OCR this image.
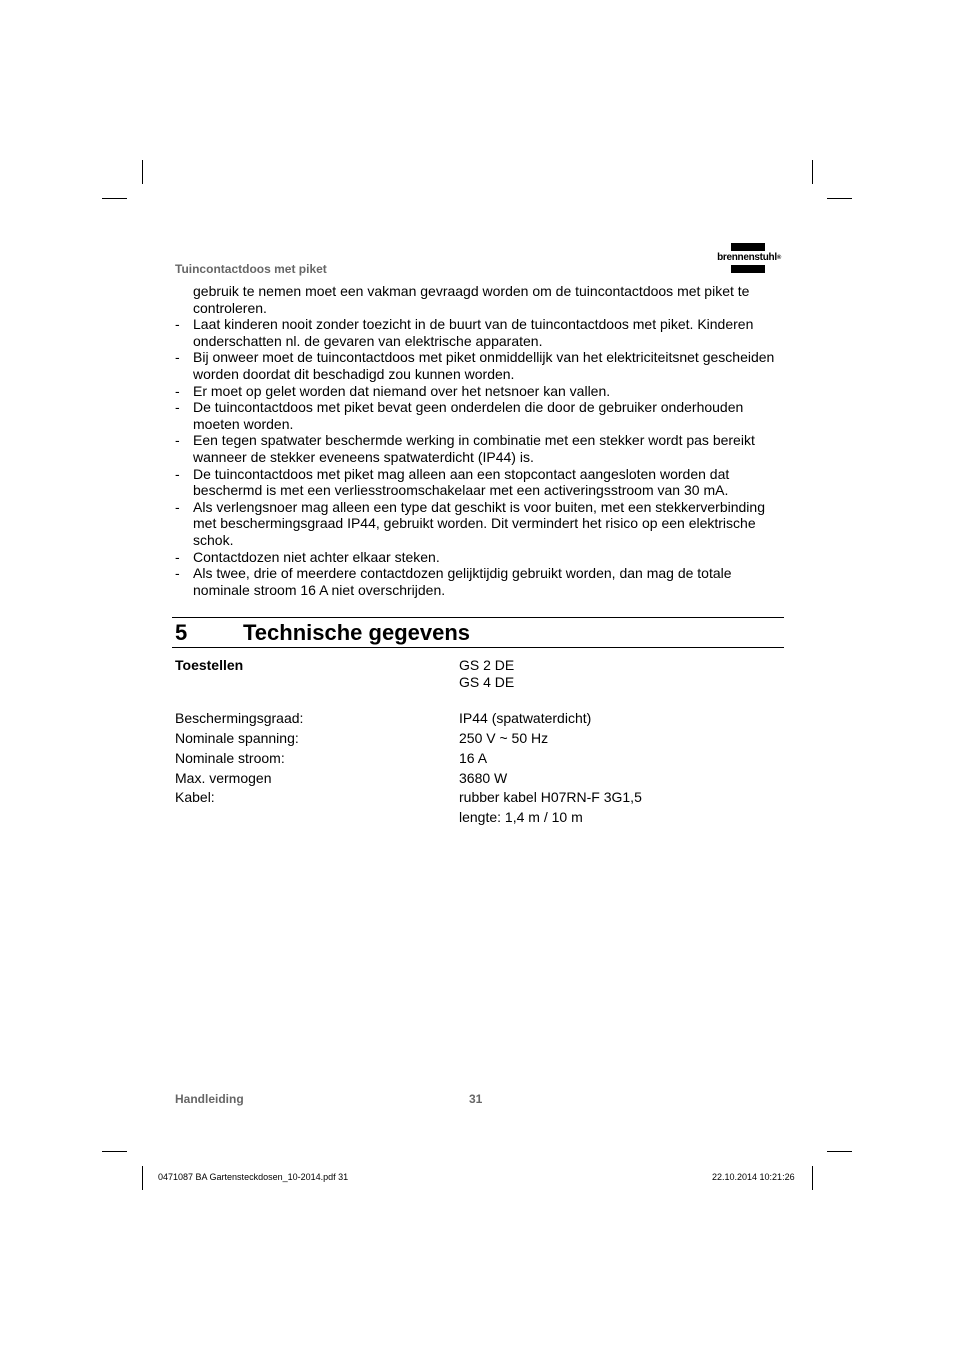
Tuincontactdoos met piket
brennenstuhl®
gebruik te nemen moet een vakman gevraagd worden om de tuincontactdoos met piket te controleren.
- Laat kinderen nooit zonder toezicht in de buurt van de tuincontactdoos met piket. Kinderen onderschatten nl. de gevaren van elektrische apparaten.
- Bij onweer moet de tuincontactdoos met piket onmiddellijk van het elektriciteitsnet gescheiden worden doordat dit beschadigd zou kunnen worden.
- Er moet op gelet worden dat niemand over het netsnoer kan vallen.
- De tuincontactdoos met piket bevat geen onderdelen die door de gebruiker onderhouden moeten worden.
- Een tegen spatwater beschermde werking in combinatie met een stekker wordt pas bereikt wanneer de stekker eveneens spatwaterdicht (IP44) is.
- De tuincontactdoos met piket mag alleen aan een stopcontact aangesloten worden dat beschermd is met een verliesstroomschakelaar met een activeringsstroom van 30 mA.
- Als verlengsnoer mag alleen een type dat geschikt is voor buiten, met een stekkerverbinding met beschermingsgraad IP44, gebruikt worden. Dit vermindert het risico op een elektrische schok.
- Contactdozen niet achter elkaar steken.
- Als twee, drie of meerdere contactdozen gelijktijdig gebruikt worden, dan mag de totale nominale stroom 16 A niet overschrijden.
5	Technische gegevens
Toestellen	GS 2 DE
GS 4 DE
Beschermingsgraad:	IP44 (spatwaterdicht)
Nominale spanning:	250 V ~ 50 Hz
Nominale stroom:	16 A
Max. vermogen	3680 W
Kabel:	rubber kabel H07RN-F 3G1,5
lengte: 1,4 m / 10 m
Handleiding	31
0471087 BA Gartensteckdosen_10-2014.pdf 31	22.10.2014 10:21:26
